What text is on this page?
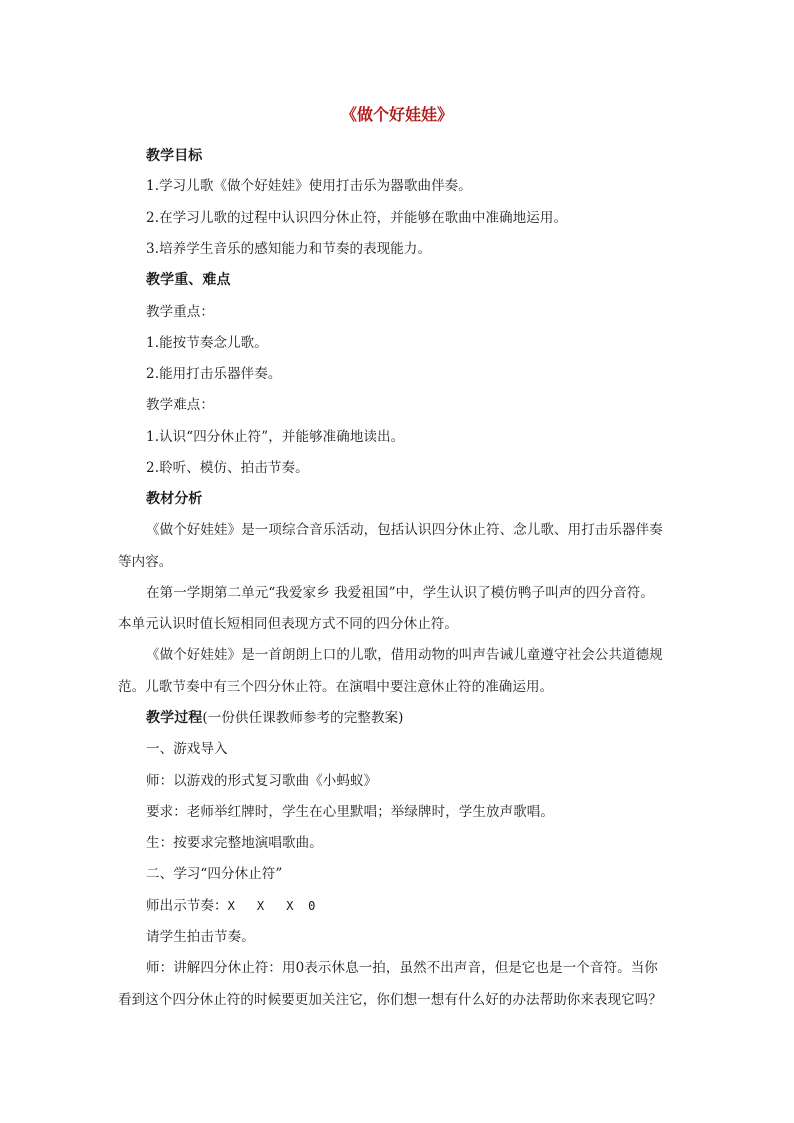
《做个好娃娃》
教学目标
1.学习儿歌《做个好娃娃》使用打击乐为器歌曲伴奏。
2.在学习儿歌的过程中认识四分休止符，并能够在歌曲中准确地运用。
3.培养学生音乐的感知能力和节奏的表现能力。
教学重、难点
教学重点：
1.能按节奏念儿歌。
2.能用打击乐器伴奏。
教学难点：
1.认识“四分休止符”，并能够准确地读出。
2.聆听、模仿、拍击节奏。
教材分析
《做个好娃娃》是一项综合音乐活动，包括认识四分休止符、念儿歌、用打击乐器伴奏
等内容。
在第一学期第二单元“我爱家乡 我爱祖国”中，学生认识了模仿鸭子叫声的四分音符。
本单元认识时值长短相同但表现方式不同的四分休止符。
《做个好娃娃》是一首朗朗上口的儿歌，借用动物的叫声告诫儿童遵守社会公共道德规
范。儿歌节奏中有三个四分休止符。在演唱中要注意休止符的准确运用。
教学过程(一份供任课教师参考的完整教案)
一、游戏导入
师：以游戏的形式复习歌曲《小蚂蚁》
要求：老师举红牌时，学生在心里默唱；举绿牌时，学生放声歌唱。
生：按要求完整地演唱歌曲。
二、学习“四分休止符”
师出示节奏：X   X   X  0
请学生拍击节奏。
师：讲解四分休止符：用0表示休息一拍，虽然不出声音，但是它也是一个音符。当你
看到这个四分休止符的时候要更加关注它，你们想一想有什么好的办法帮助你来表现它吗？
